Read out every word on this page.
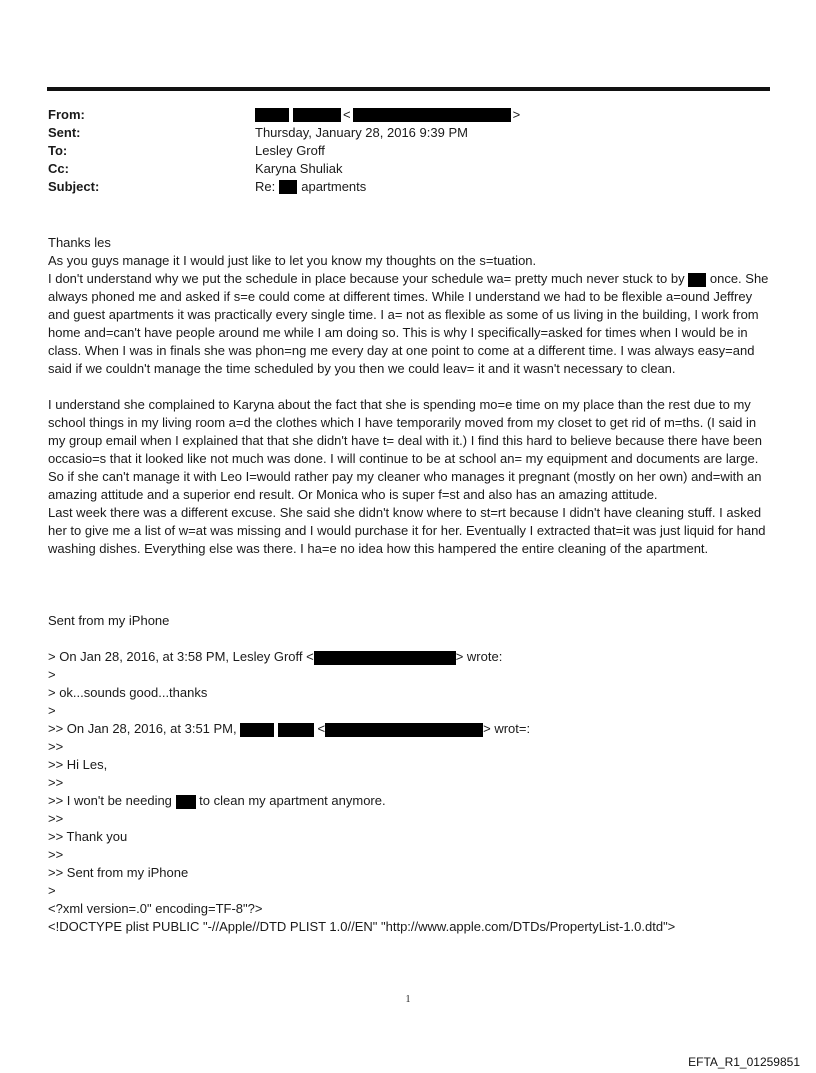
From:	<	>
Sent:	Thursday, January 28, 2016 9:39 PM
To:	Lesley Groff
Cc:	Karyna Shuliak
Subject:	Re: apartments

Thanks les

As you guys manage it I would just like to let you know my thoughts on the s=tuation.

I don't understand why we put the schedule in place because your schedule wa= pretty much never stuck to by once. She always phoned me and asked if s=e could come at different times. While I understand we had to be flexible a=ound Jeffrey and guest apartments it was practically every single time. I a= not as flexible as some of us living in the building, I work from home and=can't have people around me while I am doing so. This is why I specifically=asked for times when I would be in class. When I was in finals she was phon=ng me every day at one point to come at a different time. I was always easy=and said if we couldn't manage the time scheduled by you then we could leav= it and it wasn't necessary to clean.

I understand she complained to Karyna about the fact that she is spending mo=e time on my place than the rest due to my school things in my living room a=d the clothes which I have temporarily moved from my closet to get rid of m=ths. (I said in my group email when I explained that that she didn't have t= deal with it.) I find this hard to believe because there have been occasio=s that it looked like not much was done. I will continue to be at school an= my equipment and documents are large. So if she can't manage it with Leo I=would rather pay my cleaner who manages it pregnant (mostly on her own) and=with an amazing attitude and a superior end result. Or Monica who is super f=st and also has an amazing attitude.

Last week there was a different excuse. She said she didn't know where to st=rt because I didn't have cleaning stuff. I asked her to give me a list of w=at was missing and I would purchase it for her. Eventually I extracted that=it was just liquid for hand washing dishes. Everything else was there. I ha=e no idea how this hampered the entire cleaning of the apartment.

Sent from my iPhone

> On Jan 28, 2016, at 3:58 PM, Lesley Groff <	> wrote:

>

> ok...sounds good...thanks

>

>> On Jan 28, 2016, at 3:51 PM,	<	> wrot=:

>>

>> Hi Les,

>>

>> I won't be needing to clean my apartment anymore.

>>

>> Thank you

>>

>> Sent from my iPhone

>

<?xml version=.0" encoding=TF-8"?>

<!DOCTYPE plist PUBLIC "-//Apple//DTD PLIST 1.0//EN" "http://www.apple.com/DTDs/PropertyList-1.0.dtd">

1
EFTA_R1_01259851
